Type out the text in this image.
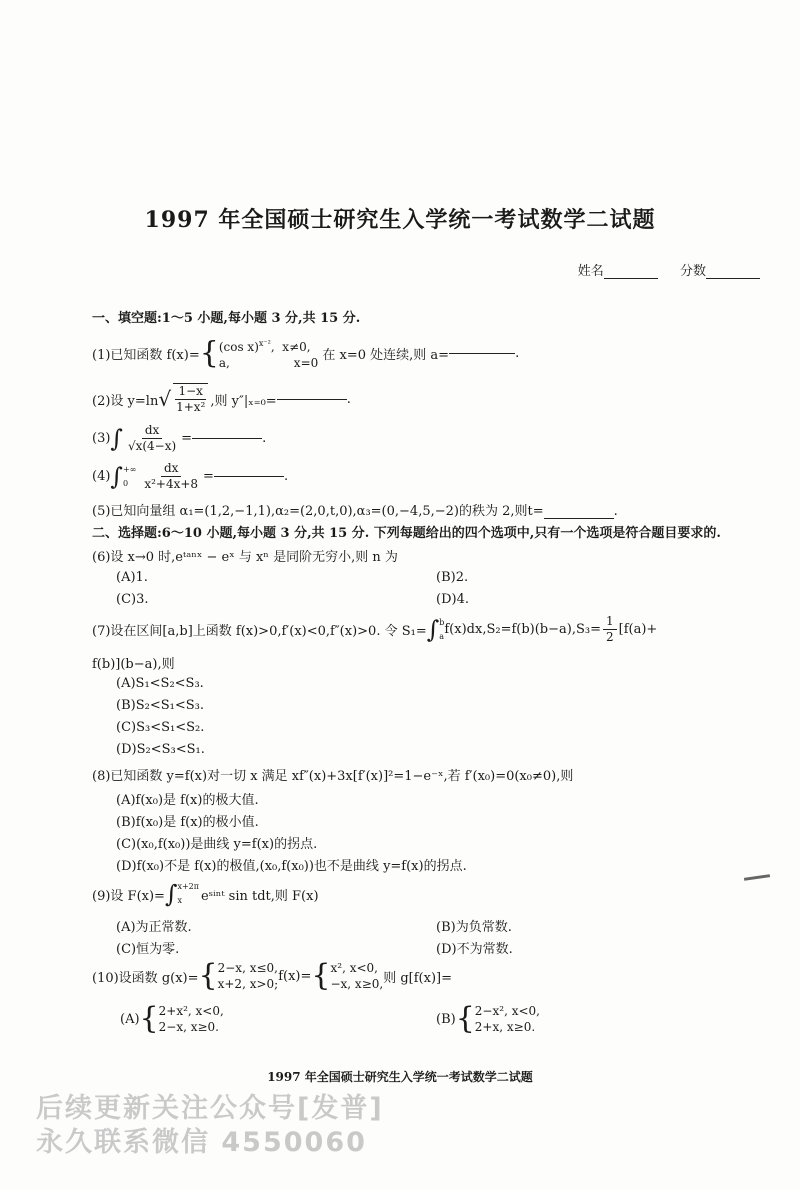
1997 年全国硕士研究生入学统一考试数学二试题
姓名	分数
一、填空题:1～5 小题,每小题 3 分,共 15 分.
(1)已知函数 f(x)={ (cos x)$^{x^{-2}}$,  x≠0,
a,	x=0 在 x=0 处连续,则 a=	.
(2)设 $y=\ln√ \frac{1-x}{\text{1+x²}}$ ,则 y″|ₓ₌₀=	.
$(3)\int \frac{dx}{√x(4-x)}$ =	.
(4)∫ +∞
0	$\frac{dx}{\text{x²+4x+8}}$ =	.
(5)已知向量组 α₁=(1,2,−1,1),α₂=(2,0,t,0),α₃=(0,−4,5,−2)的秩为 2,则t=	.
二、选择题:6～10 小题,每小题 3 分,共 15 分. 下列每题给出的四个选项中,只有一个选项是符合题目要求的.
(6)设 x→0 时,eᵗᵃⁿˣ − eˣ 与 xⁿ 是同阶无穷小,则 n 为
(A)1.	(B)2.
(C)3.	(D)4.
(7)设在区间[a,b]上函数 f(x)>0,f′(x)<0,f″(x)>0. 令 S₁=∫ b
a $f(x)dx,S_2=f(b)(b-a),S_3= \frac{1}{2} [f(a)+$
f(b)](b−a),则
(A)S₁<S₂<S₃.
(B)S₂<S₁<S₃.
(C)S₃<S₁<S₂.
(D)S₂<S₃<S₁.
(8)已知函数 y=f(x)对一切 x 满足 xf″(x)+3x[f′(x)]²=1−e⁻ˣ,若 f′(x₀)=0(x₀≠0),则
(A)f(x₀)是 f(x)的极大值.
(B)f(x₀)是 f(x)的极小值.
(C)(x₀,f(x₀))是曲线 y=f(x)的拐点.
(D)f(x₀)不是 f(x)的极值,(x₀,f(x₀))也不是曲线 y=f(x)的拐点.
(9)设 F(x)=∫ x+2π
x	eˢⁱⁿᵗ sin tdt,则 F(x)
(A)为正常数.	(B)为负常数.
(C)恒为零.	(D)不为常数.
(10)设函数 g(x)={ 2−x, x≤0,
x+2, x>0;
f(x)={ x², x<0,
−x, x≥0, 则 g[f(x)]=
(A){ 2+x², x<0,
2−x, x≥0.
(B){ 2−x², x<0,
2+x, x≥0.
1997 年全国硕士研究生入学统一考试数学二试题
后续更新关注公众号[发普]
永久联系微信 4550060
